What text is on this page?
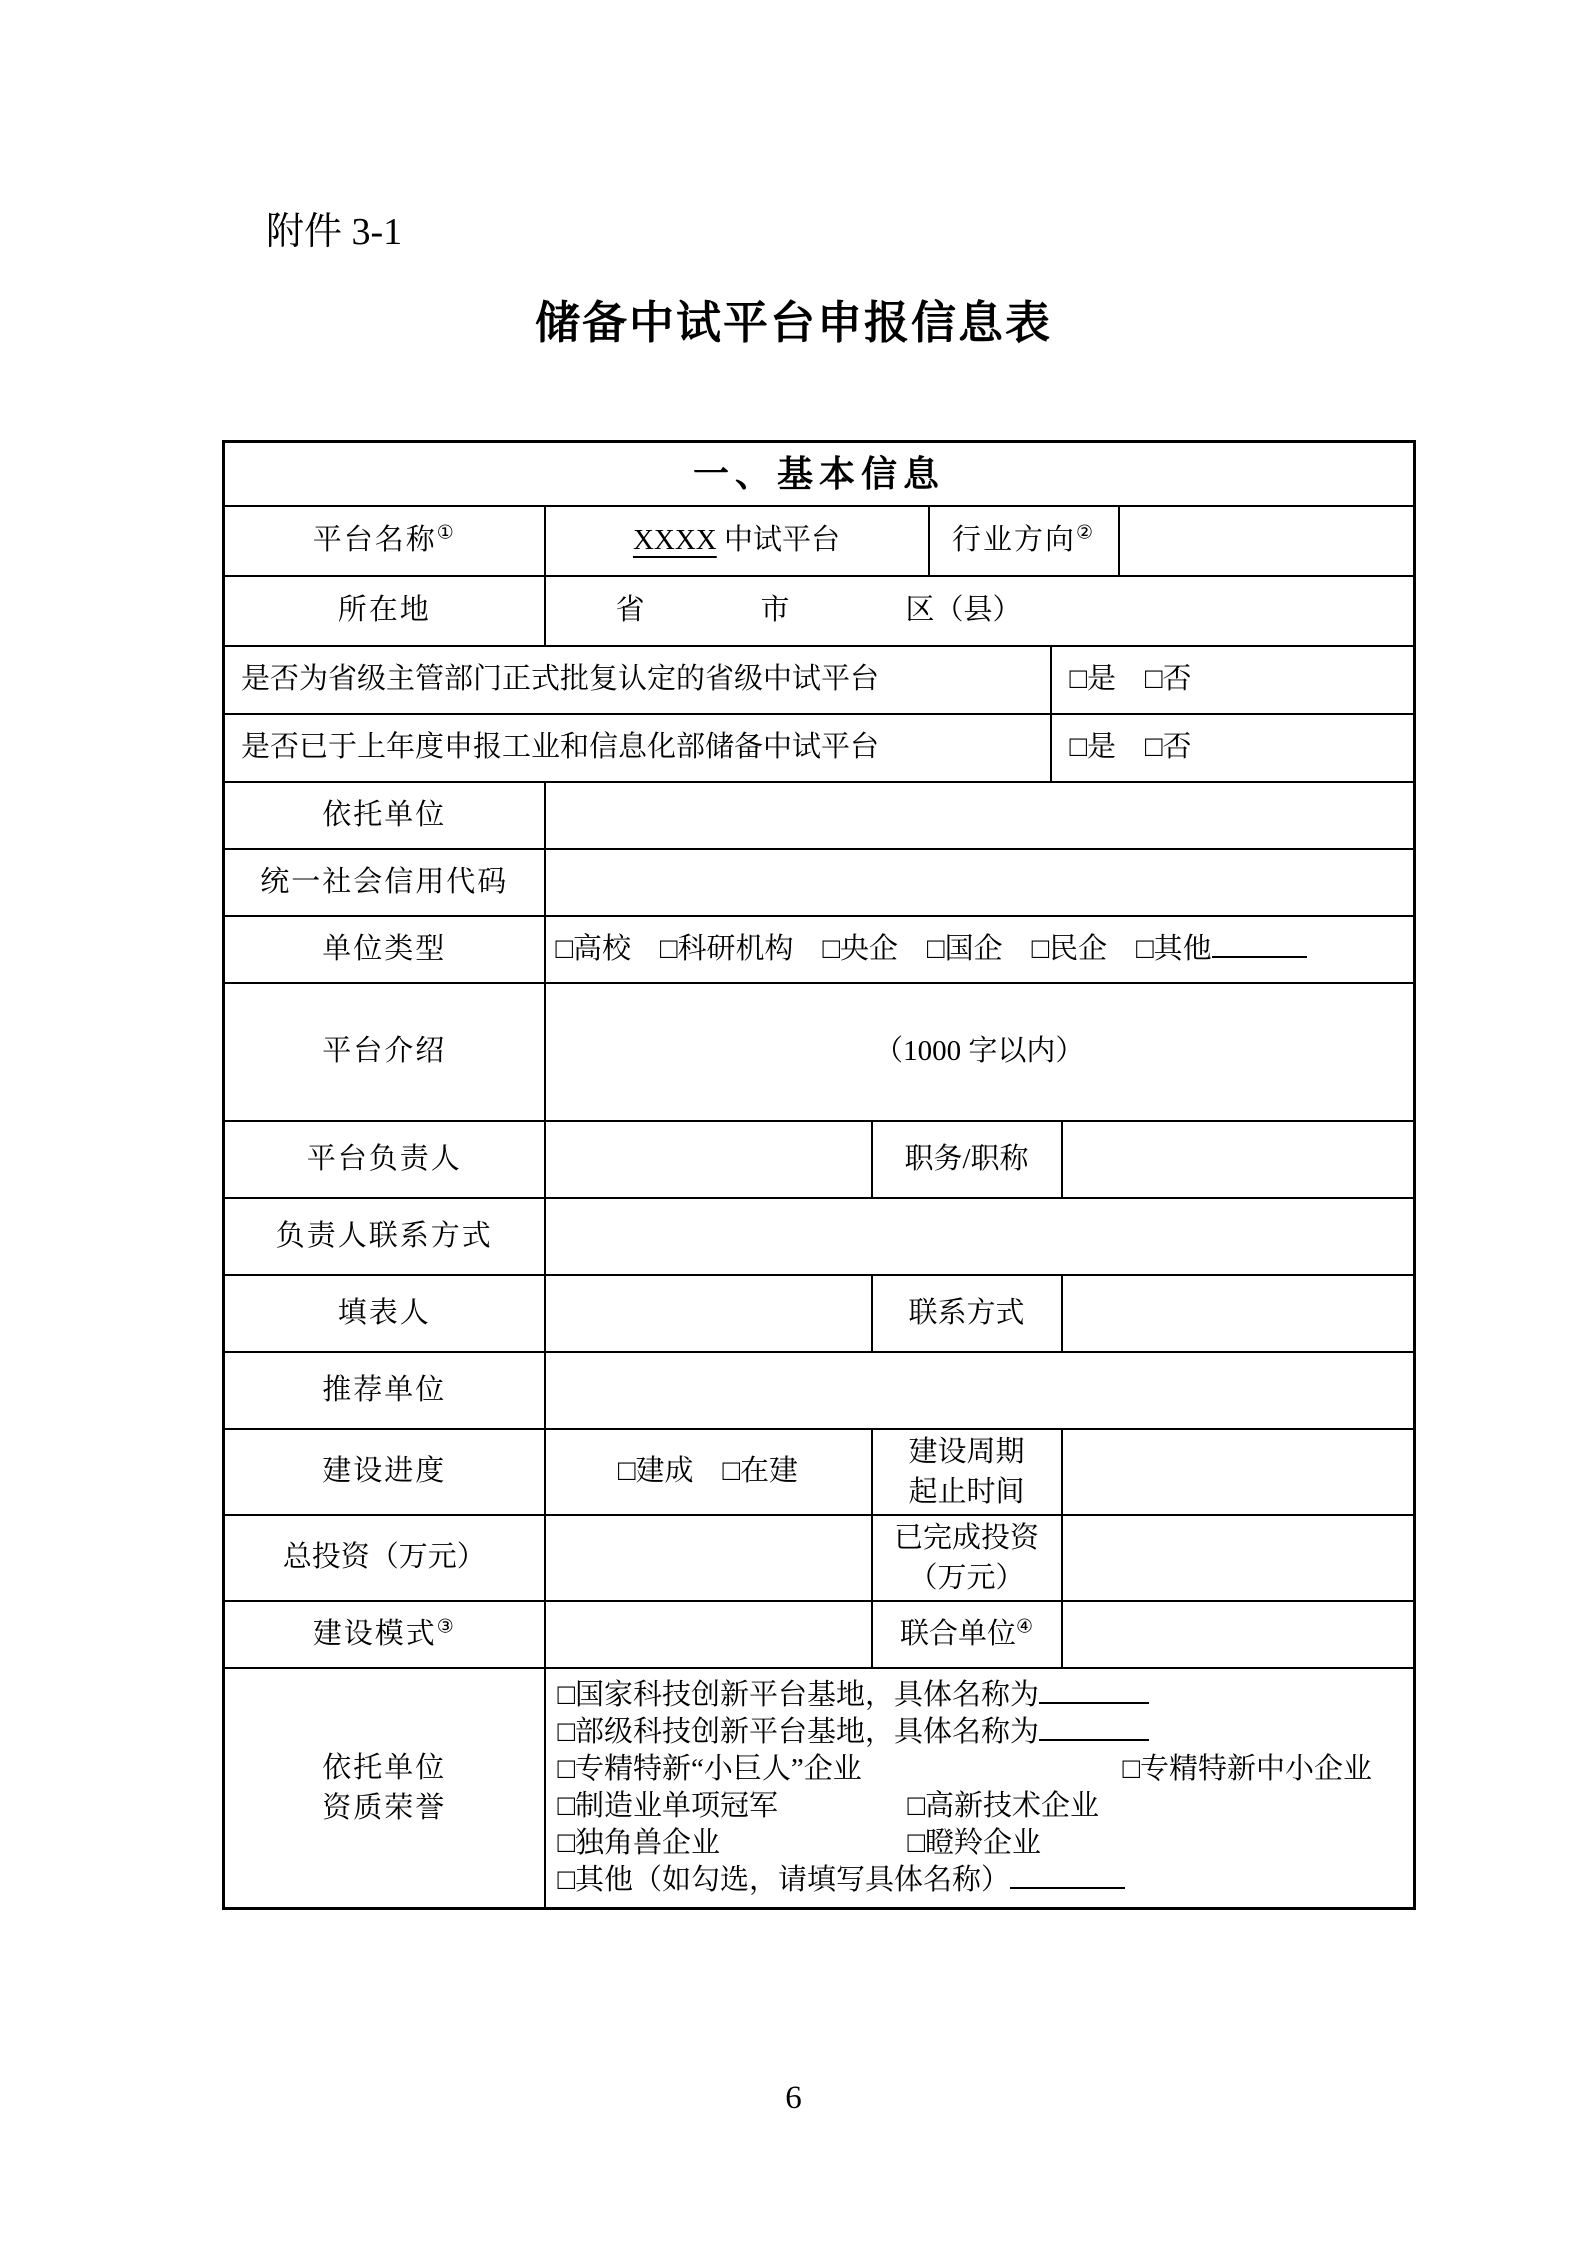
附件 3-1
储备中试平台申报信息表
一、基本信息						
平台名称①	XXXX 中试平台		行业方向②	
所在地	省　　　　市　　　　区（县）					
是否为省级主管部门正式批复认定的省级中试平台				□是　□否		
是否已于上年度申报工业和信息化部储备中试平台				□是　□否		
依托单位						
统一社会信用代码						
单位类型	□高校　□科研机构　□央企　□国企　□民企　□其他					
平台介绍	（1000 字以内）					
平台负责人		职务/职称				
负责人联系方式						
填表人		联系方式				
推荐单位						
建设进度	□建成　□在建	建设周期
起止时间				

总投资（万元）		已完成投资
（万元）				

建设模式③		联合单位④	

依托单位
资质荣誉

□国家科技创新平台基地，具体名称为
□部级科技创新平台基地，具体名称为
□专精特新“小巨人”企业	□专精特新中小企业
□制造业单项冠军	□高新技术企业
□独角兽企业	□瞪羚企业
□其他（如勾选，请填写具体名称）
6
